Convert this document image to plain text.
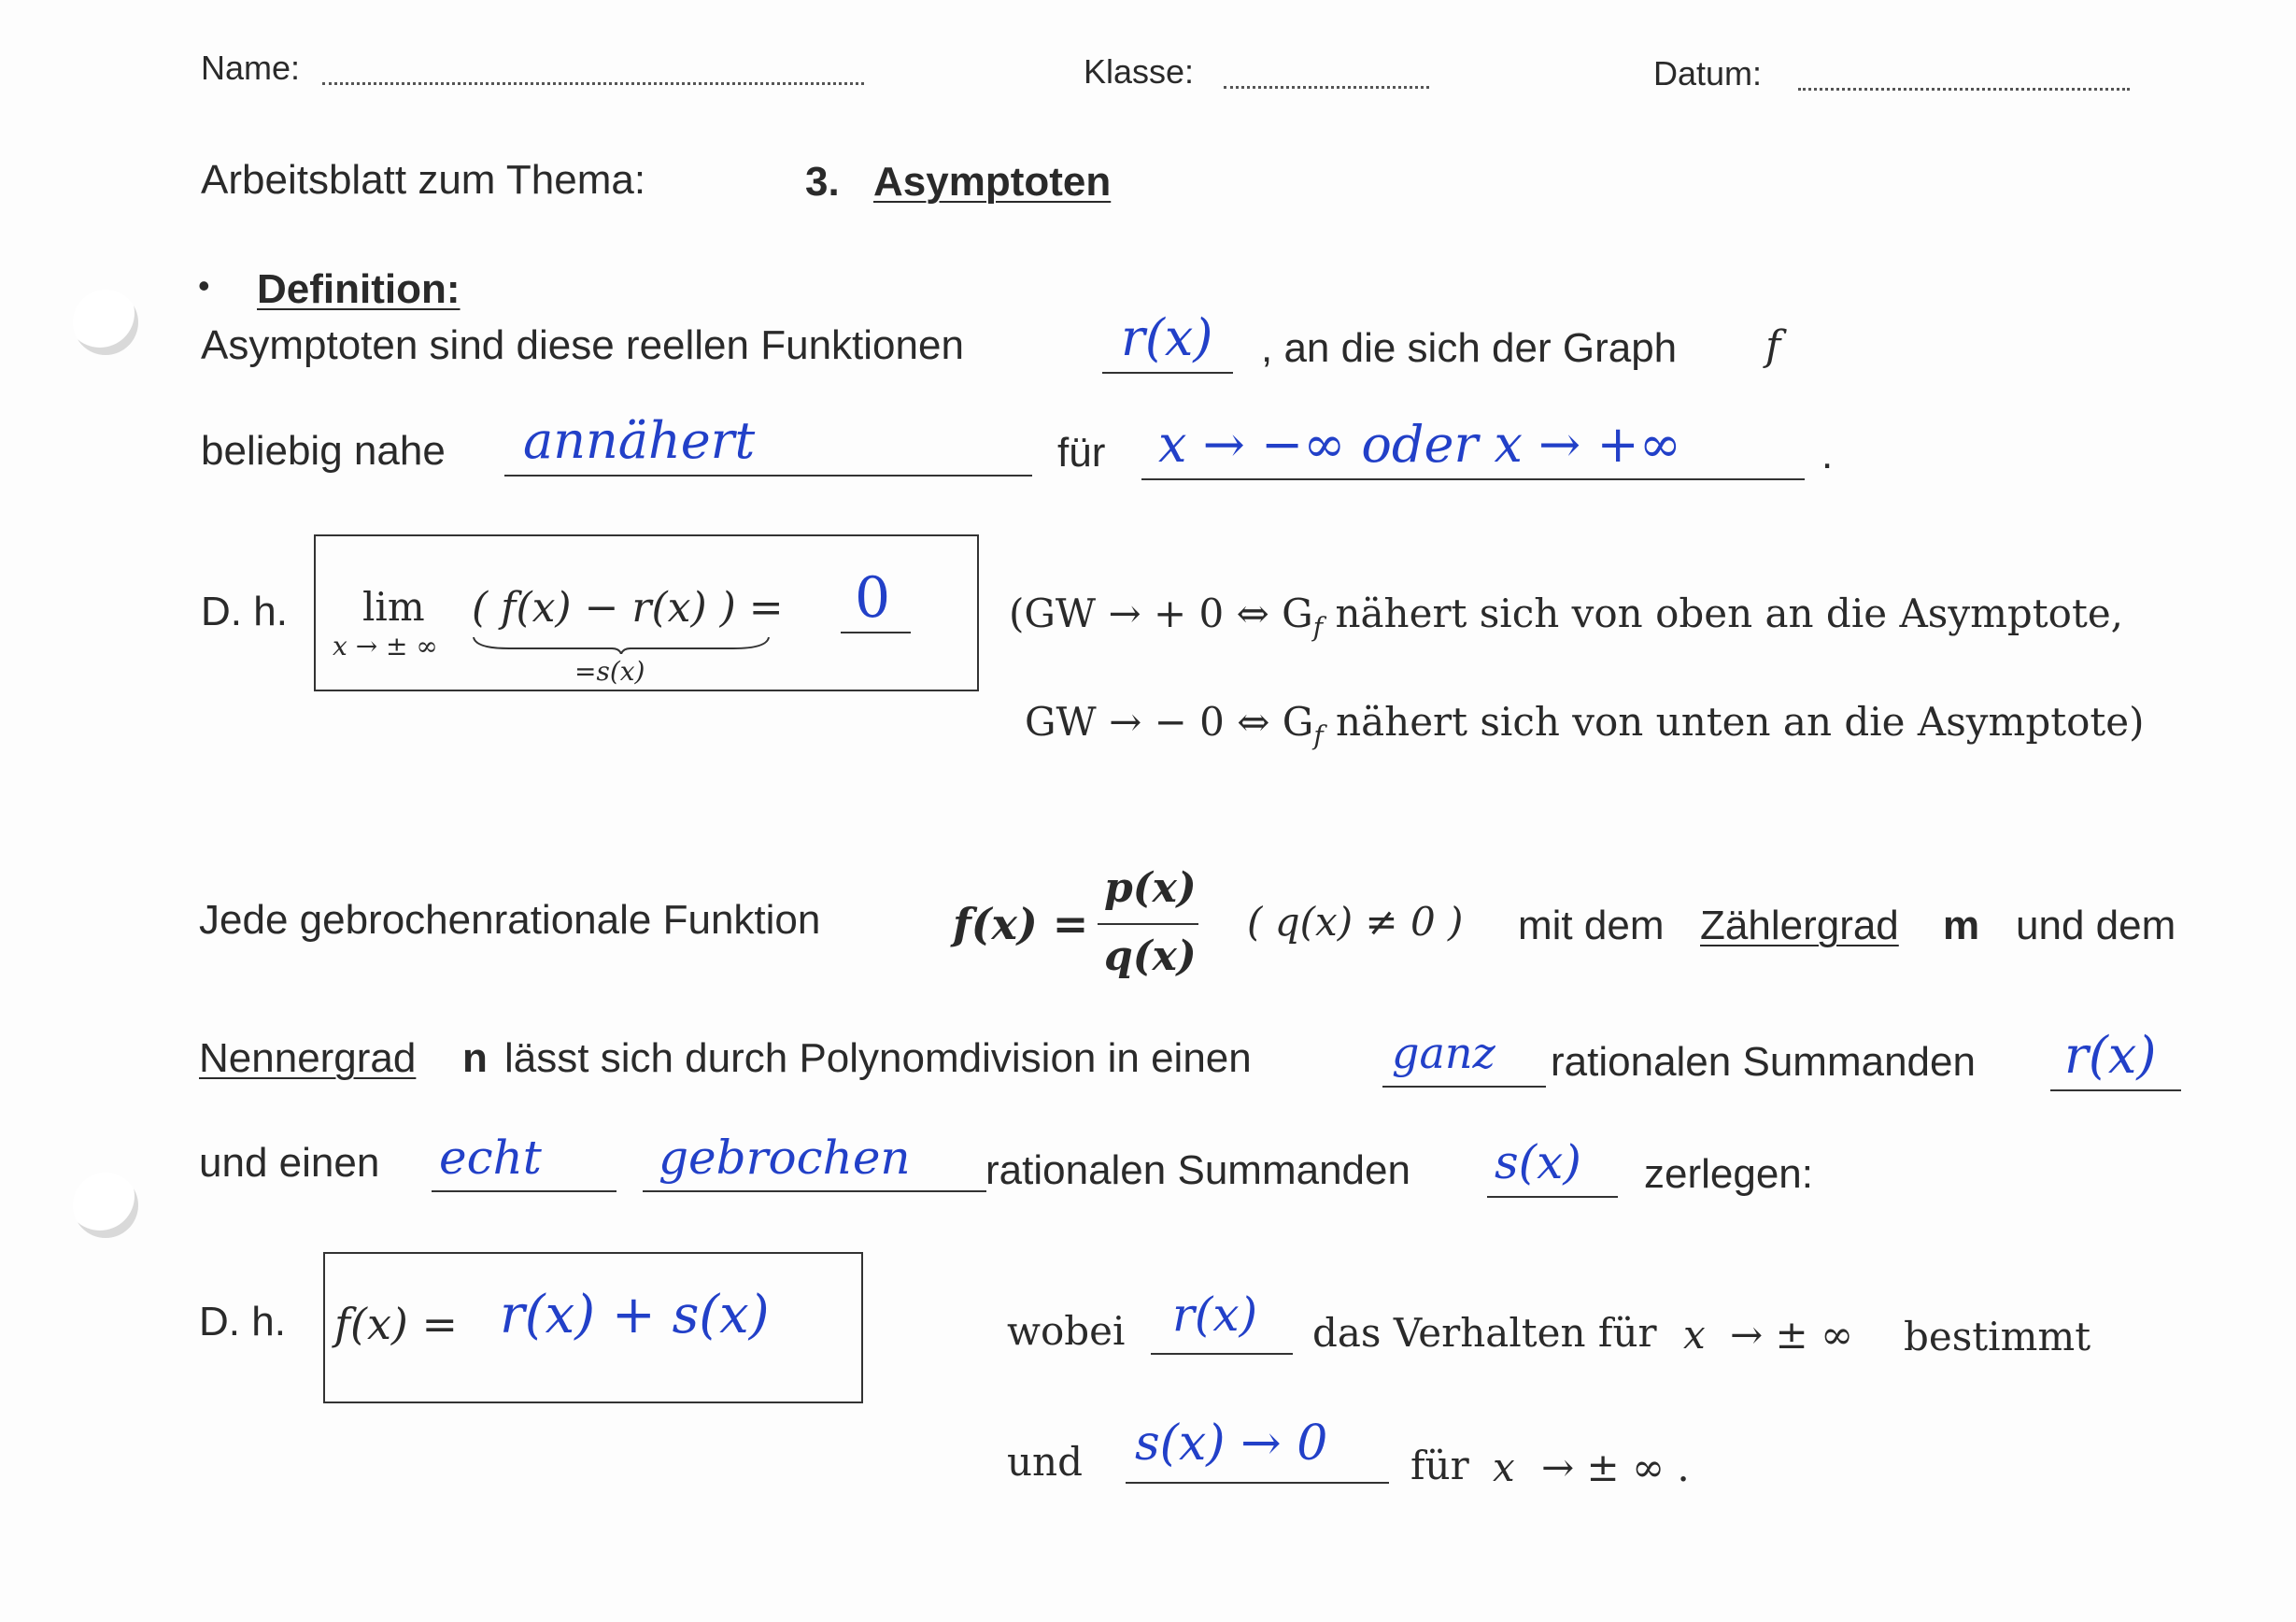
Name:	Klasse:	Datum:
Arbeitsblatt zum Thema:	3. Asymptoten
• Definition:
Asymptoten sind diese reellen Funktionen	r(x) , an die sich der Graph f
beliebig nahe annähert	für x → −∞ oder x → +∞	.
D. h. lim
x → ± ∞
( f(x) − r(x) ) =
=s(x)
0	(GW → + 0 ⇔ $G_f$ nähert sich von oben an die Asymptote,
GW → − 0 ⇔ $G_f$ nähert sich von unten an die Asymptote)
Jede gebrochenrationale Funktion	f(x) =
p(x)
q(x)
( q(x) ≠ 0 ) mit dem Zählergrad m und dem
Nennergrad n lässt sich durch Polynomdivision in einen	ganz rationalen Summanden r(x)
und einen echt	gebrochen rationalen Summanden s(x) zerlegen:
D. h. f(x) = r(x) + s(x)	wobei r(x) das Verhalten für x → ± ∞ bestimmt
und s(x) → 0 für x → ± ∞ .
